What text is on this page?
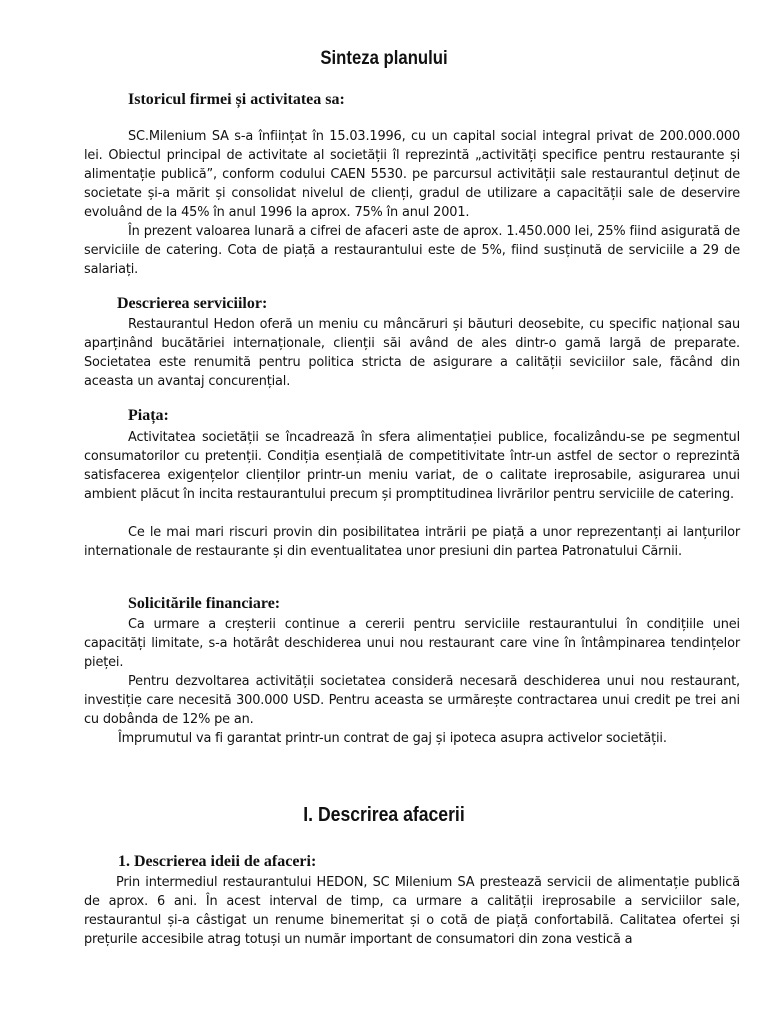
Sinteza planului
Istoricul firmei și activitatea sa:

SC.Milenium SA s-a înființat în 15.03.1996, cu un capital social integral privat de 200.000.000 lei. Obiectul principal de activitate al societății îl reprezintă „activități specifice pentru restaurante și alimentație publică”, conform codului CAEN 5530. pe parcursul activității sale restaurantul deținut de societate și-a mărit și consolidat nivelul de clienți, gradul de utilizare a capacității sale de deservire evoluând de la 45% în anul 1996 la aprox. 75% în anul 2001.

În prezent valoarea lunară a cifrei de afaceri aste de aprox. 1.450.000 lei, 25% fiind asigurată de serviciile de catering. Cota de piață a restaurantului este de 5%, fiind susținută de serviciile a 29 de salariați.

Descrierea serviciilor:

Restaurantul Hedon oferă un meniu cu mâncăruri și băuturi deosebite, cu specific național sau aparținând bucătăriei internaționale, clienții săi având de ales dintr-o gamă largă de preparate. Societatea este renumită pentru politica stricta de asigurare a calității seviciilor sale, făcând din aceasta un avantaj concurențial.

Piața:

Activitatea societății se încadrează în sfera alimentației publice, focalizându-se pe segmentul consumatorilor cu pretenții. Condiția esențială de competitivitate într-un astfel de sector o reprezintă satisfacerea exigențelor clienților printr-un meniu variat, de o calitate ireprosabile, asigurarea unui ambient plăcut în incita restaurantului precum și promptitudinea livrărilor pentru serviciile de catering.

Ce le mai mari riscuri provin din posibilitatea intrării pe piață a unor reprezentanți ai lanțurilor internationale de restaurante și din eventualitatea unor presiuni din partea Patronatului Cărnii.

Solicitările financiare:

Ca urmare a creșterii continue a cererii pentru serviciile restaurantului în condițiile unei capacități limitate, s-a hotărât deschiderea unui nou restaurant care vine în întâmpinarea tendințelor pieței.

Pentru dezvoltarea activității societatea consideră necesară deschiderea unui nou restaurant, investiție care necesită 300.000 USD. Pentru aceasta se urmărește contractarea unui credit pe trei ani cu dobânda de 12% pe an.

Împrumutul va fi garantat printr-un contrat de gaj și ipoteca asupra activelor societății.

I. Descrirea afacerii
1. Descrierea ideii de afaceri:

Prin intermediul restaurantului HEDON, SC Milenium SA prestează servicii de alimentație publică de aprox. 6 ani. În acest interval de timp, ca urmare a calității ireprosabile a serviciilor sale, restaurantul și-a câstigat un renume binemeritat și o cotă de piață confortabilă. Calitatea ofertei și prețurile accesibile atrag totuși un număr important de consumatori din zona vestică a
